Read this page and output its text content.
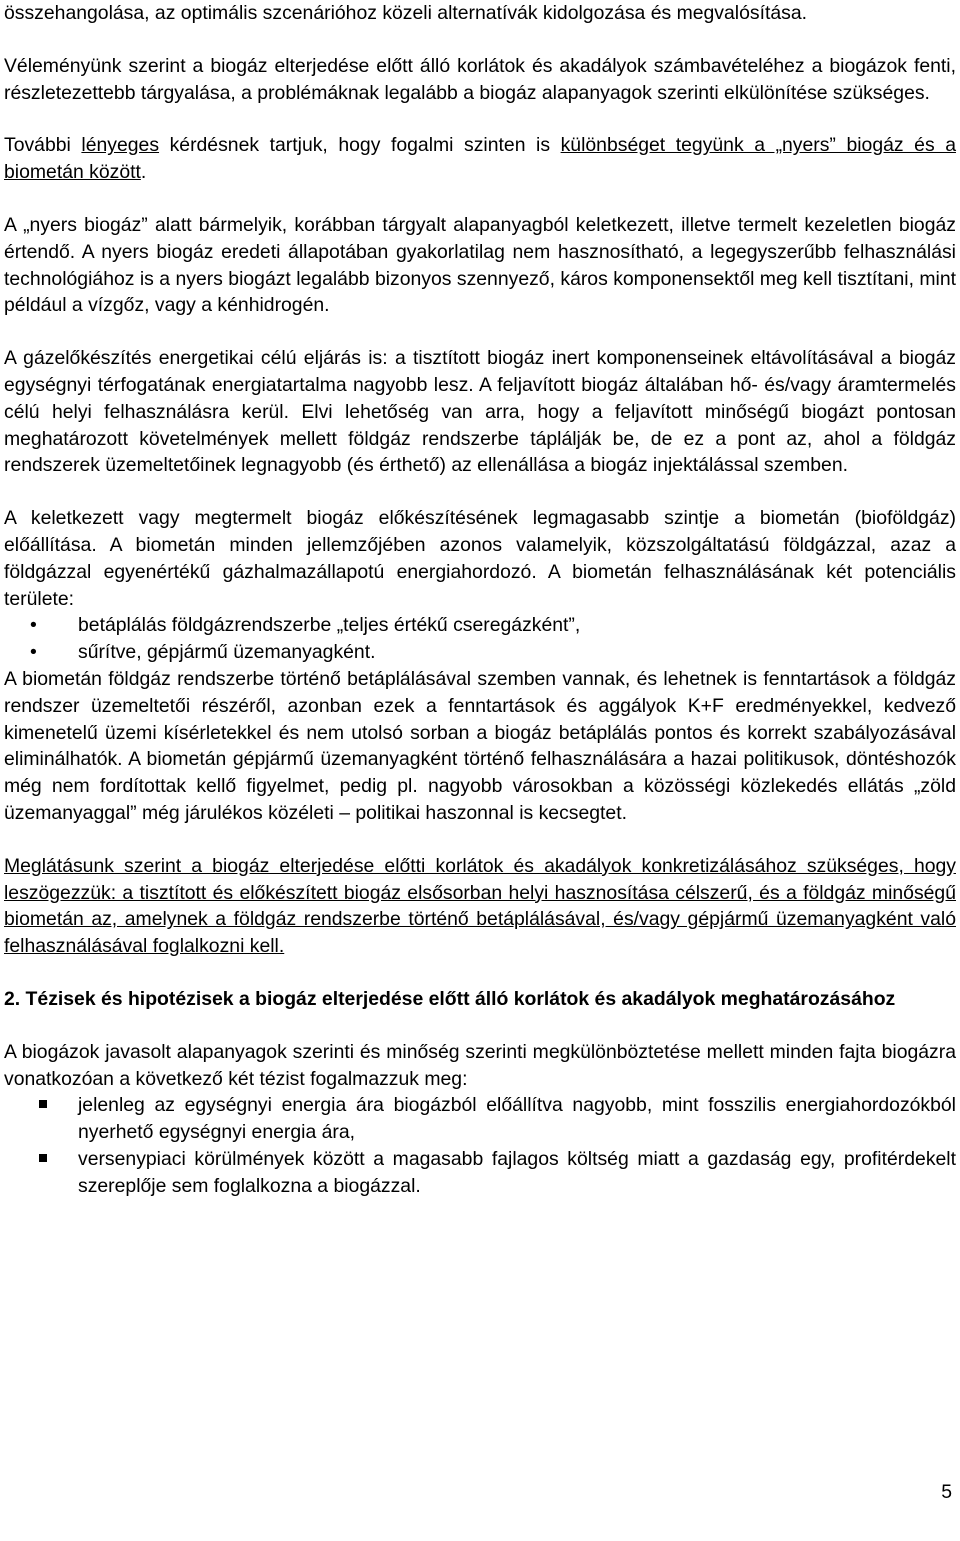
összehangolása, az optimális szcenárióhoz közeli alternatívák kidolgozása és megvalósítása.

Véleményünk szerint a biogáz elterjedése előtt álló korlátok és akadályok számbavételéhez a biogázok fenti, részletezettebb tárgyalása, a problémáknak legalább a biogáz alapanyagok szerinti elkülönítése szükséges.

További lényeges kérdésnek tartjuk, hogy fogalmi szinten is különbséget tegyünk a „nyers” biogáz és a biometán között.

A „nyers biogáz” alatt bármelyik, korábban tárgyalt alapanyagból keletkezett, illetve termelt kezeletlen biogáz értendő. A nyers biogáz eredeti állapotában gyakorlatilag nem hasznosítható, a legegyszerűbb felhasználási technológiához is a nyers biogázt legalább bizonyos szennyező, káros komponensektől meg kell tisztítani, mint például a vízgőz, vagy a kénhidrogén.

A gázelőkészítés energetikai célú eljárás is: a tisztított biogáz inert komponenseinek eltávolításával a biogáz egységnyi térfogatának energiatartalma nagyobb lesz. A feljavított biogáz általában hő- és/vagy áramtermelés célú helyi felhasználásra kerül. Elvi lehetőség van arra, hogy a feljavított minőségű biogázt pontosan meghatározott követelmények mellett földgáz rendszerbe táplálják be, de ez a pont az, ahol a földgáz rendszerek üzemeltetőinek legnagyobb (és érthető) az ellenállása a biogáz injektálással szemben.

A keletkezett vagy megtermelt biogáz előkészítésének legmagasabb szintje a biometán (bioföldgáz) előállítása. A biometán minden jellemzőjében azonos valamelyik, közszolgáltatású földgázzal, azaz a földgázzal egyenértékű gázhalmazállapotú energiahordozó. A biometán felhasználásának két potenciális területe:

• betáplálás földgázrendszerbe „teljes értékű cseregázként”,
• sűrítve, gépjármű üzemanyagként.

A biometán földgáz rendszerbe történő betáplálásával szemben vannak, és lehetnek is fenntartások a földgáz rendszer üzemeltetői részéről, azonban ezek a fenntartások és aggályok K+F eredményekkel, kedvező kimenetelű üzemi kísérletekkel és nem utolsó sorban a biogáz betáplálás pontos és korrekt szabályozásával eliminálhatók. A biometán gépjármű üzemanyagként történő felhasználására a hazai politikusok, döntéshozók még nem fordítottak kellő figyelmet, pedig pl. nagyobb városokban a közösségi közlekedés ellátás „zöld üzemanyaggal” még járulékos közéleti – politikai haszonnal is kecsegtet.

Meglátásunk szerint a biogáz elterjedése előtti korlátok és akadályok konkretizálásához szükséges, hogy leszögezzük: a tisztított és előkészített biogáz elsősorban helyi hasznosítása célszerű, és a földgáz minőségű biometán az, amelynek a földgáz rendszerbe történő betáplálásával, és/vagy gépjármű üzemanyagként való felhasználásával foglalkozni kell.

2. Tézisek és hipotézisek a biogáz elterjedése előtt álló korlátok és akadályok meghatározásához

A biogázok javasolt alapanyagok szerinti és minőség szerinti megkülönböztetése mellett minden fajta biogázra vonatkozóan a következő két tézist fogalmazzuk meg:

jelenleg az egységnyi energia ára biogázból előállítva nagyobb, mint fosszilis energiahordozókból nyerhető egységnyi energia ára,
versenypiaci körülmények között a magasabb fajlagos költség miatt a gazdaság egy, profitérdekelt szereplője sem foglalkozna a biogázzal.
5
